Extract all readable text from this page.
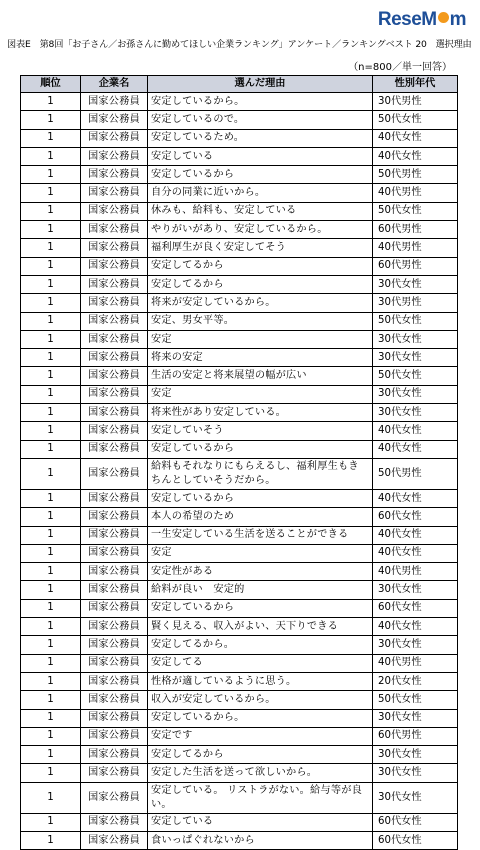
ReseM m
図表E　第8回「お子さん／お孫さんに勤めてほしい企業ランキング」アンケート／ランキングベスト 20　選択理由
（n=800／単一回答）
順位	企業名	選んだ理由	性別年代
1	国家公務員	安定しているから。	30代男性
1	国家公務員	安定しているので。	50代女性
1	国家公務員	安定しているため。	40代女性
1	国家公務員	安定している	40代女性
1	国家公務員	安定しているから	50代男性
1	国家公務員	自分の同業に近いから。	40代男性
1	国家公務員	休みも、給料も、安定している	50代女性
1	国家公務員	やりがいがあり、安定しているから。	60代男性
1	国家公務員	福利厚生が良く安定してそう	40代男性
1	国家公務員	安定してるから	60代男性
1	国家公務員	安定してるから	30代女性
1	国家公務員	将来が安定しているから。	30代男性
1	国家公務員	安定、男女平等。	50代女性
1	国家公務員	安定	30代女性
1	国家公務員	将来の安定	30代女性
1	国家公務員	生活の安定と将来展望の幅が広い	50代女性
1	国家公務員	安定	30代女性
1	国家公務員	将来性があり安定している。	30代女性
1	国家公務員	安定していそう	40代女性
1	国家公務員	安定しているから	40代女性
1	国家公務員	給料もそれなりにもらえるし、福利厚生もきちんとしていそうだから。	50代男性
1	国家公務員	安定しているから	40代女性
1	国家公務員	本人の希望のため	60代女性
1	国家公務員	一生安定している生活を送ることができる	40代女性
1	国家公務員	安定	40代女性
1	国家公務員	安定性がある	40代男性
1	国家公務員	給料が良い　安定的	30代女性
1	国家公務員	安定しているから	60代女性
1	国家公務員	賢く見える、収入がよい、天下りできる	40代女性
1	国家公務員	安定してるから。	30代女性
1	国家公務員	安定してる	40代男性
1	国家公務員	性格が適しているように思う。	20代女性
1	国家公務員	収入が安定しているから。	50代女性
1	国家公務員	安定しているから。	30代女性
1	国家公務員	安定です	60代男性
1	国家公務員	安定してるから	30代女性
1	国家公務員	安定した生活を送って欲しいから。	30代女性
1	国家公務員	安定している。 リストラがない。給与等が良い。	30代女性
1	国家公務員	安定している	60代女性
1	国家公務員	食いっぱぐれないから	60代女性
